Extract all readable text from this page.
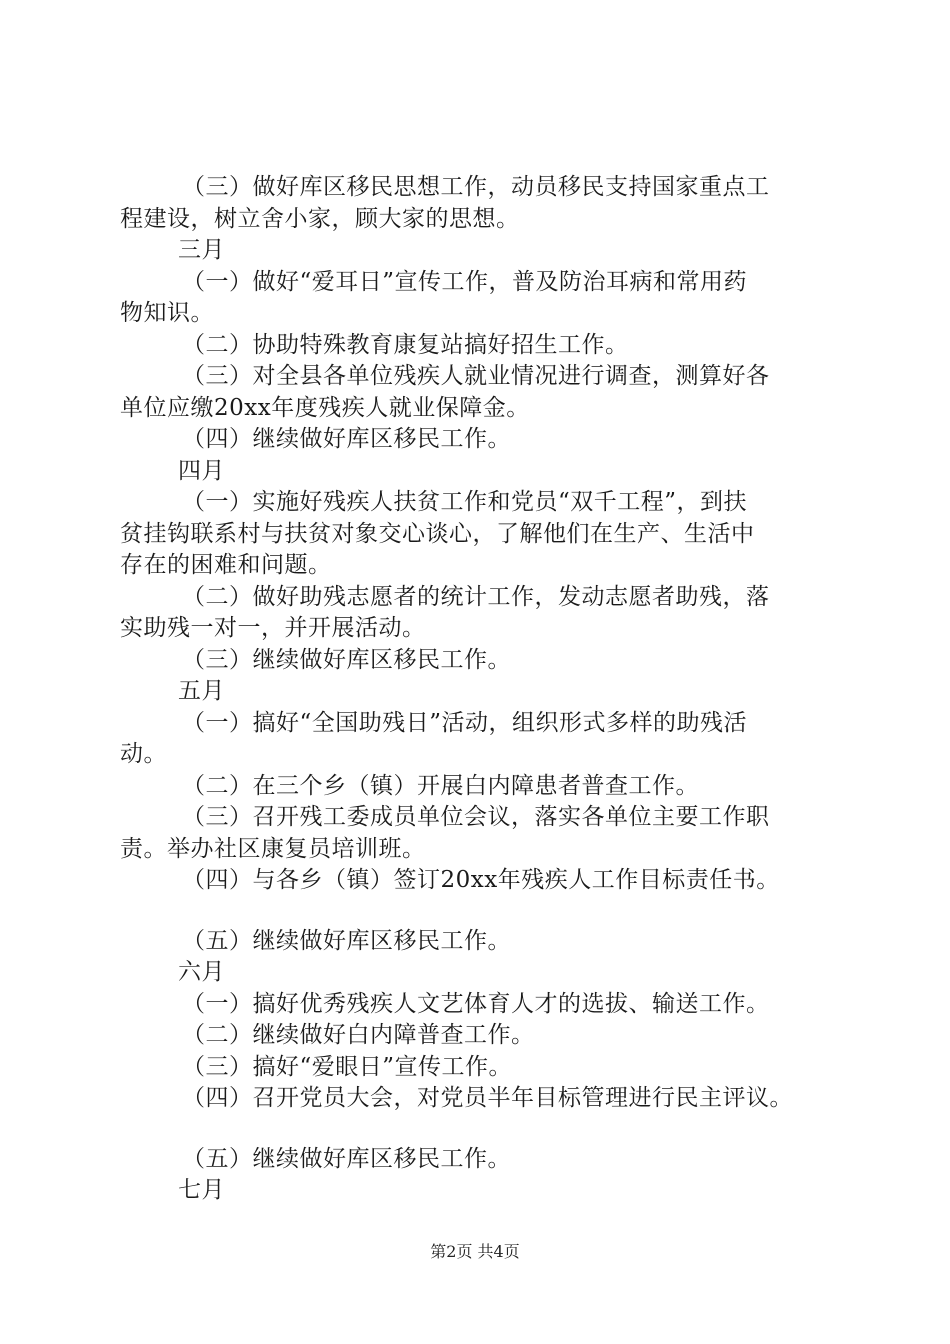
（三）做好库区移民思想工作，动员移民支持国家重点工
程建设，树立舍小家，顾大家的思想。
三月
（一）做好“爱耳日”宣传工作，普及防治耳病和常用药
物知识。
（二）协助特殊教育康复站搞好招生工作。
（三）对全县各单位残疾人就业情况进行调查，测算好各
单位应缴20xx年度残疾人就业保障金。
（四）继续做好库区移民工作。
四月
（一）实施好残疾人扶贫工作和党员“双千工程”，到扶
贫挂钩联系村与扶贫对象交心谈心，了解他们在生产、生活中
存在的困难和问题。
（二）做好助残志愿者的统计工作，发动志愿者助残，落
实助残一对一，并开展活动。
（三）继续做好库区移民工作。
五月
（一）搞好“全国助残日”活动，组织形式多样的助残活
动。
（二）在三个乡（镇）开展白内障患者普查工作。
（三）召开残工委成员单位会议，落实各单位主要工作职
责。举办社区康复员培训班。
（四）与各乡（镇）签订20xx年残疾人工作目标责任书。
（五）继续做好库区移民工作。
六月
（一）搞好优秀残疾人文艺体育人才的选拔、输送工作。
（二）继续做好白内障普查工作。
（三）搞好“爱眼日”宣传工作。
（四）召开党员大会，对党员半年目标管理进行民主评议。
（五）继续做好库区移民工作。
七月
第2页 共4页
